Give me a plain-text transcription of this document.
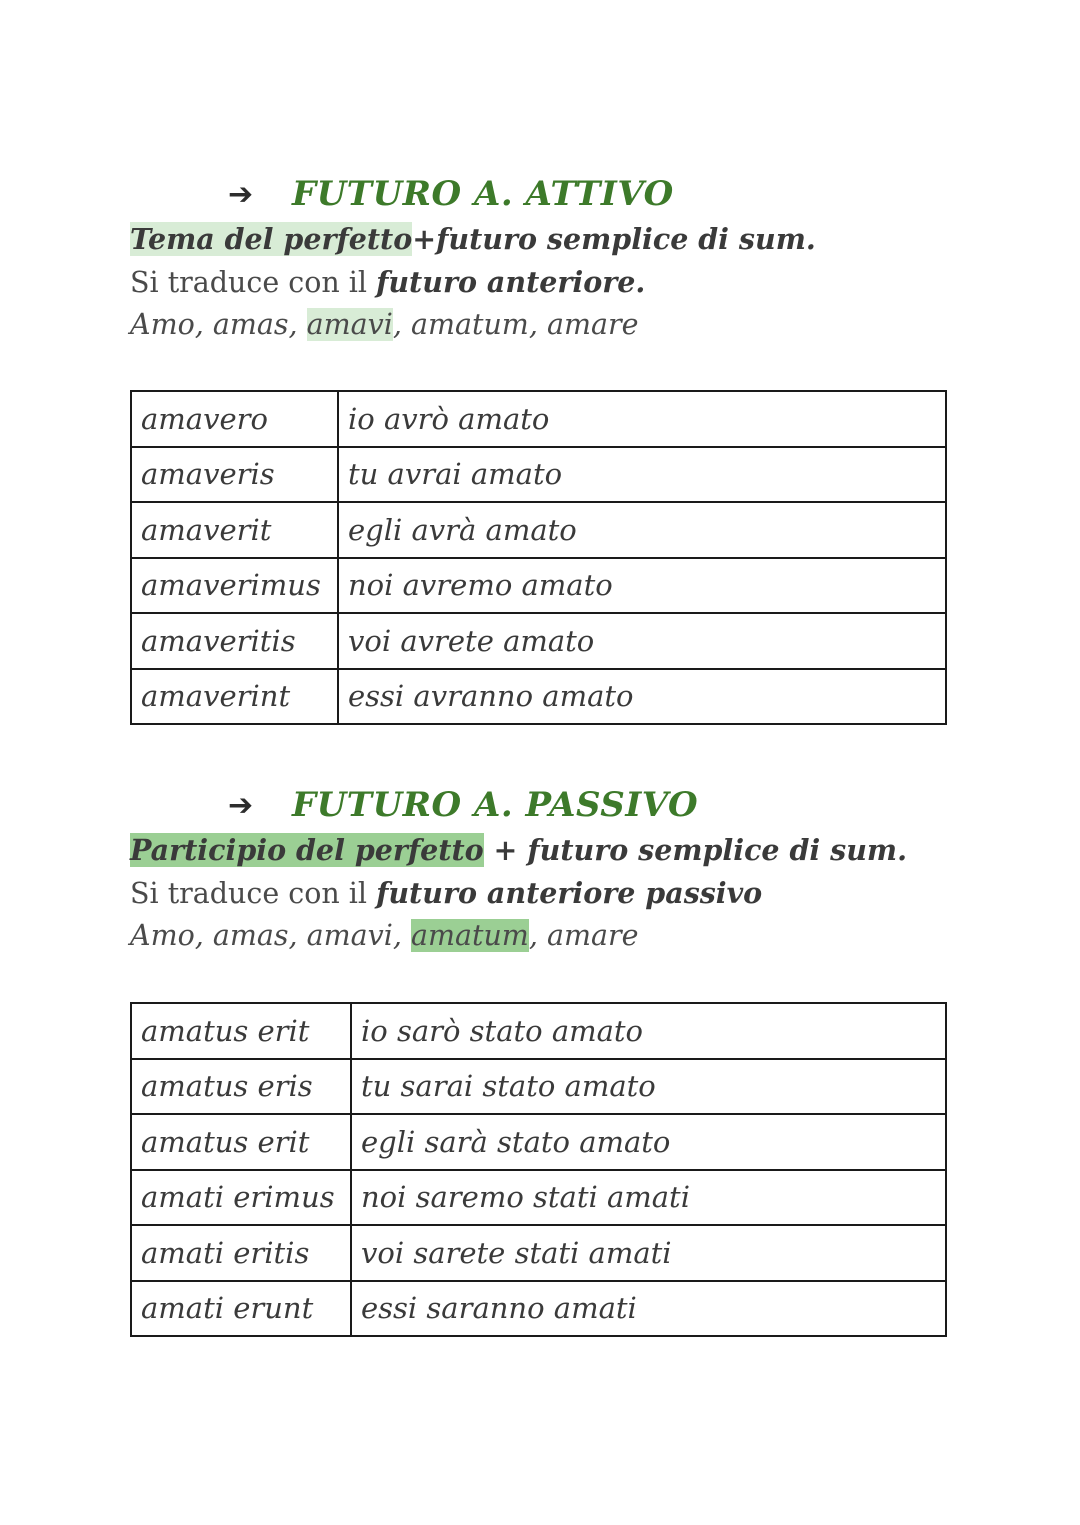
➔	FUTURO A. ATTIVO
Tema del perfetto+futuro semplice di sum.
Si traduce con il futuro anteriore.
Amo, amas, amavi, amatum, amare
amavero	io avrò amato
amaveris	tu avrai amato
amaverit	egli avrà amato
amaverimus	noi avremo amato
amaveritis	voi avrete amato
amaverint	essi avranno amato
➔	FUTURO A. PASSIVO
Participio del perfetto + futuro semplice di sum.
Si traduce con il futuro anteriore passivo
Amo, amas, amavi, amatum, amare
amatus erit	io sarò stato amato
amatus eris	tu sarai stato amato
amatus erit	egli sarà stato amato
amati erimus	noi saremo stati amati
amati eritis	voi sarete stati amati
amati erunt	essi saranno amati
